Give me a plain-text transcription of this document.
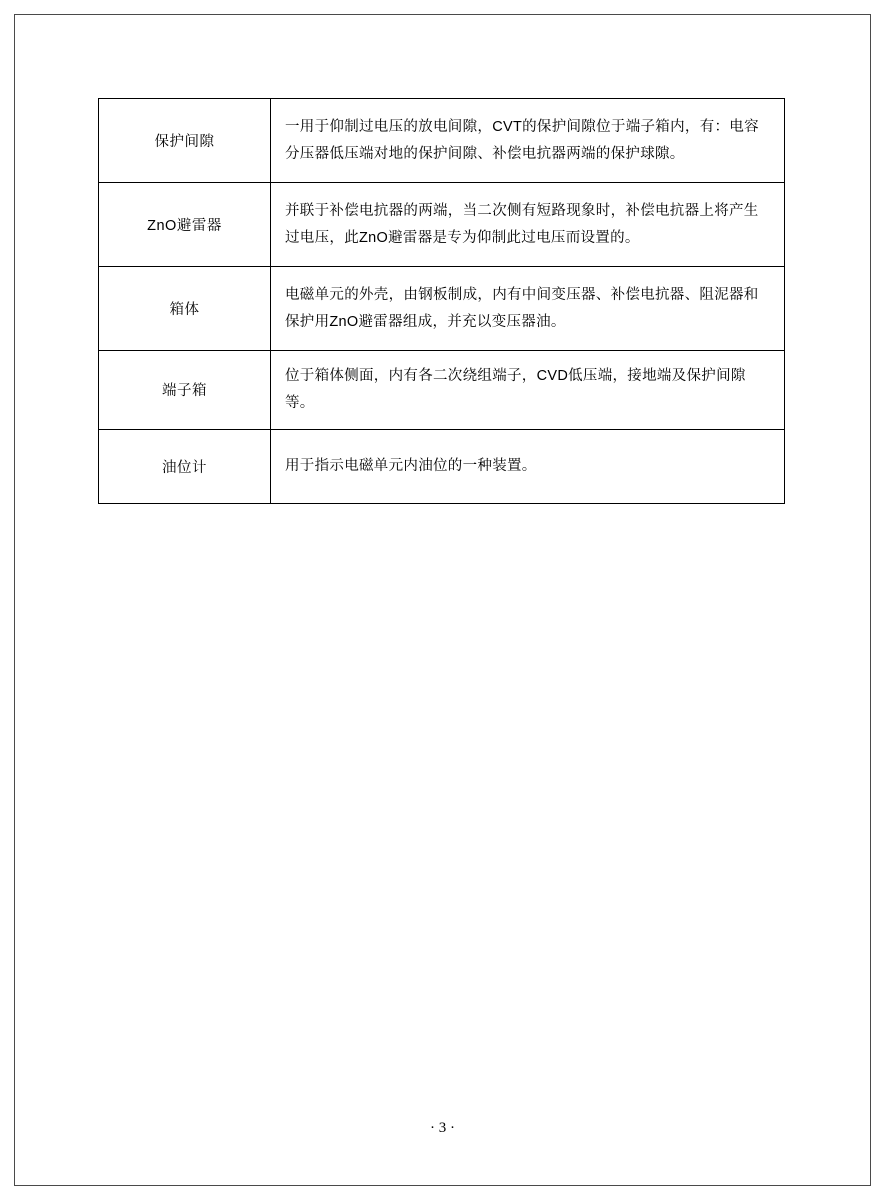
保护间隙	一用于仰制过电压的放电间隙，CVT的保护间隙位于端子箱内，有：电容分压器低压端对地的保护间隙、补偿电抗器两端的保护球隙。
ZnO避雷器	并联于补偿电抗器的两端，当二次侧有短路现象时，补偿电抗器上将产生过电压，此ZnO避雷器是专为仰制此过电压而设置的。
箱体	电磁单元的外壳，由钢板制成，内有中间变压器、补偿电抗器、阻泥器和保护用ZnO避雷器组成，并充以变压器油。
端子箱	位于箱体侧面，内有各二次绕组端子，CVD低压端，接地端及保护间隙等。
油位计	用于指示电磁单元内油位的一种装置。
· 3 ·
